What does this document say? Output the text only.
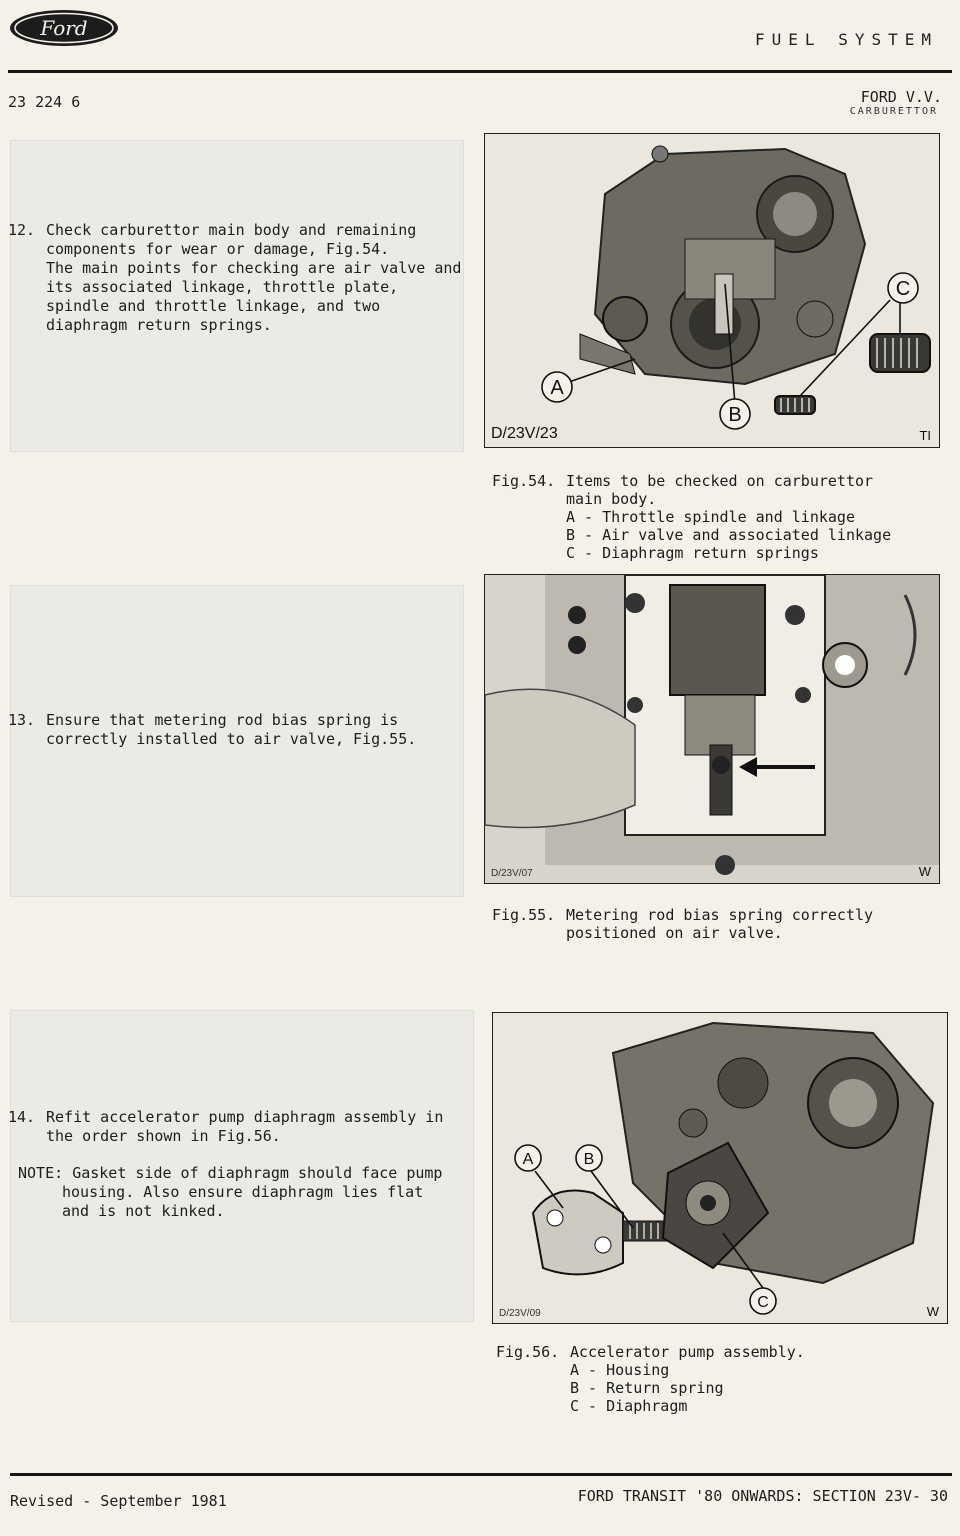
Ford	FUEL SYSTEM
23 224 6	FORD V.V.
CARBURETTOR
12. Check carburettor main body and remaining
components for wear or damage, Fig.54.
The main points for checking are air valve and
its associated linkage, throttle plate,
spindle and throttle linkage, and two
diaphragm return springs.
13. Ensure that metering rod bias spring is
correctly installed to air valve, Fig.55.
14. Refit accelerator pump diaphragm assembly in
the order shown in Fig.56.
NOTE: Gasket side of diaphragm should face pump
housing. Also ensure diaphragm lies flat
and is not kinked.
A
B
C
D/23V/23	TI
Fig.54. Items to be checked on carburettor
main body.
A - Throttle spindle and linkage
B - Air valve and associated linkage
C - Diaphragm return springs
D/23V/07	W
Fig.55. Metering rod bias spring correctly
positioned on air valve.
A	B
C
D/23V/09	W
Fig.56. Accelerator pump assembly.
A - Housing
B - Return spring
C - Diaphragm
Revised - September 1981	FORD TRANSIT '80 ONWARDS: SECTION 23V- 30
